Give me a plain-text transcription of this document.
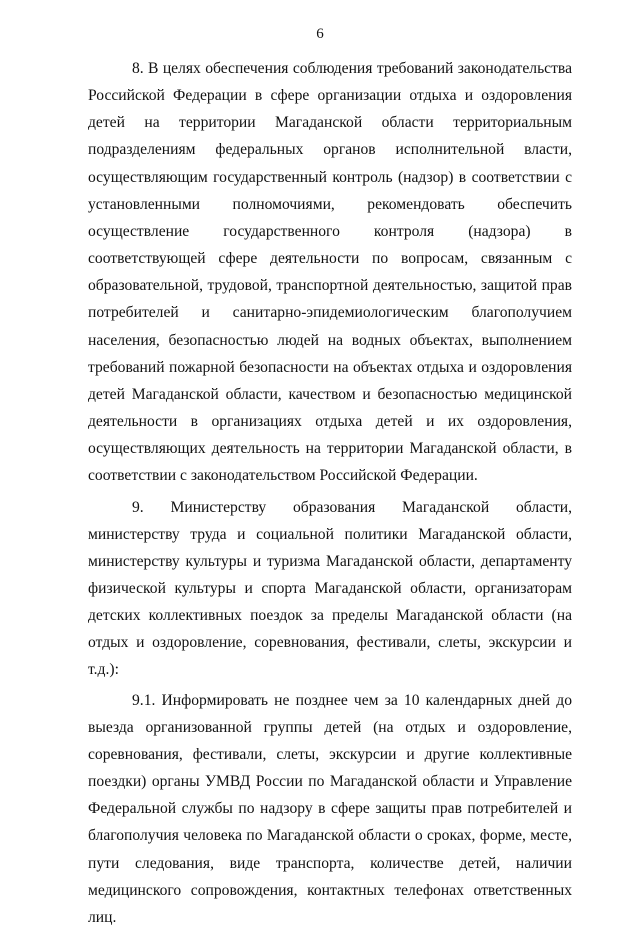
6

8. В целях обеспечения соблюдения требований законодательства Российской Федерации в сфере организации отдыха и оздоровления детей на территории Магаданской области территориальным подразделениям федеральных органов исполнительной власти, осуществляющим государственный контроль (надзор) в соответствии с установленными полномочиями, рекомендовать обеспечить осуществление государственного контроля (надзора) в соответствующей сфере деятельности по вопросам, связанным с образовательной, трудовой, транспортной деятельностью, защитой прав потребителей и санитарно-эпидемиологическим благополучием населения, безопасностью людей на водных объектах, выполнением требований пожарной безопасности на объектах отдыха и оздоровления детей Магаданской области, качеством и безопасностью медицинской деятельности в организациях отдыха детей и их оздоровления, осуществляющих деятельность на территории Магаданской области, в соответствии с законодательством Российской Федерации.

9. Министерству образования Магаданской области, министерству труда и социальной политики Магаданской области, министерству культуры и туризма Магаданской области, департаменту физической культуры и спорта Магаданской области, организаторам детских коллективных поездок за пределы Магаданской области (на отдых и оздоровление, соревнования, фестивали, слеты, экскурсии и т.д.):

9.1. Информировать не позднее чем за 10 календарных дней до выезда организованной группы детей (на отдых и оздоровление, соревнования, фестивали, слеты, экскурсии и другие коллективные поездки) органы УМВД России по Магаданской области и Управление Федеральной службы по надзору в сфере защиты прав потребителей и благополучия человека по Магаданской области о сроках, форме, месте, пути следования, виде транспорта, количестве детей, наличии медицинского сопровождения, контактных телефонах ответственных лиц.
